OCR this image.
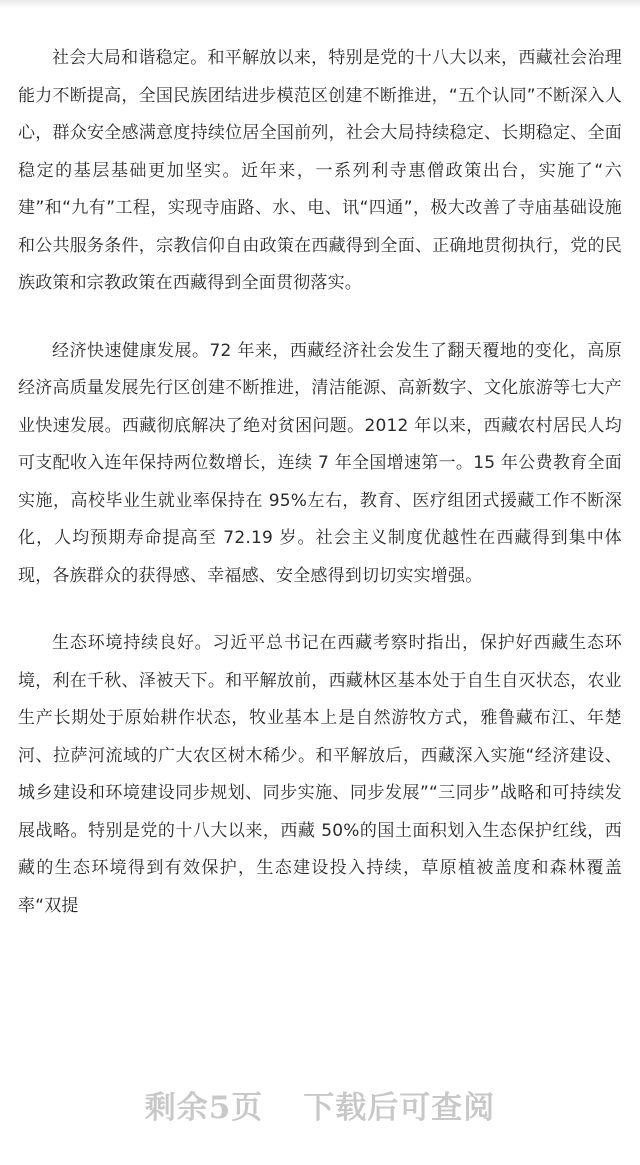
社会大局和谐稳定。和平解放以来，特别是党的十八大以来，西藏社会治理能力不断提高，全国民族团结进步模范区创建不断推进，“五个认同”不断深入人心，群众安全感满意度持续位居全国前列，社会大局持续稳定、长期稳定、全面稳定的基层基础更加坚实。近年来，一系列利寺惠僧政策出台，实施了“六建”和“九有”工程，实现寺庙路、水、电、讯“四通”，极大改善了寺庙基础设施和公共服务条件，宗教信仰自由政策在西藏得到全面、正确地贯彻执行，党的民族政策和宗教政策在西藏得到全面贯彻落实。

经济快速健康发展。72 年来，西藏经济社会发生了翻天覆地的变化，高原经济高质量发展先行区创建不断推进，清洁能源、高新数字、文化旅游等七大产业快速发展。西藏彻底解决了绝对贫困问题。2012 年以来，西藏农村居民人均可支配收入连年保持两位数增长，连续 7 年全国增速第一。15 年公费教育全面实施，高校毕业生就业率保持在 95%左右，教育、医疗组团式援藏工作不断深化，人均预期寿命提高至 72.19 岁。社会主义制度优越性在西藏得到集中体现，各族群众的获得感、幸福感、安全感得到切切实实增强。

生态环境持续良好。习近平总书记在西藏考察时指出，保护好西藏生态环境，利在千秋、泽被天下。和平解放前，西藏林区基本处于自生自灭状态，农业生产长期处于原始耕作状态，牧业基本上是自然游牧方式，雅鲁藏布江、年楚河、拉萨河流域的广大农区树木稀少。和平解放后，西藏深入实施“经济建设、城乡建设和环境建设同步规划、同步实施、同步发展”“三同步”战略和可持续发展战略。特别是党的十八大以来，西藏 50%的国土面积划入生态保护红线，西藏的生态环境得到有效保护，生态建设投入持续，草原植被盖度和森林覆盖率“双提

剩余5页 下载后可查阅
